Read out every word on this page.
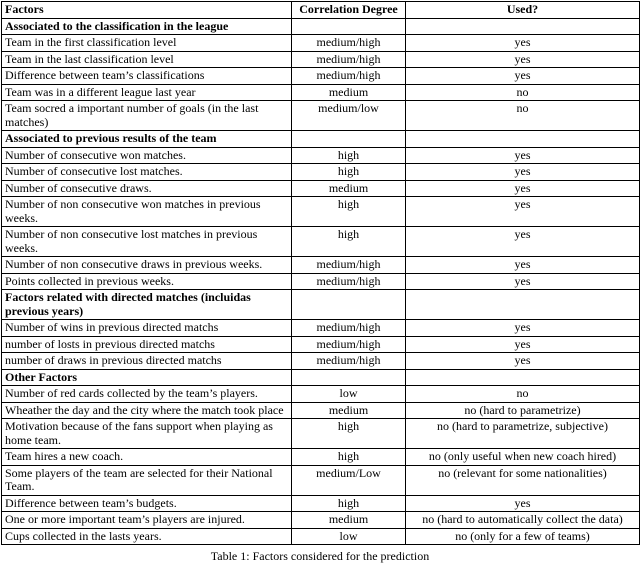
Factors	Correlation Degree	Used?
Associated to the classification in the league		
Team in the first classification level	medium/high	yes
Team in the last classification level	medium/high	yes
Difference between team’s classifications	medium/high	yes
Team was in a different league last year	medium	no
Team socred a important number of goals (in the last matches)	medium/low	no
Associated to previous results of the team		
Number of consecutive won matches.	high	yes
Number of consecutive lost matches.	high	yes
Number of consecutive draws.	medium	yes
Number of non consecutive won matches in previous weeks.	high	yes
Number of non consecutive lost matches in previous weeks.	high	yes
Number of non consecutive draws in previous weeks.	medium/high	yes
Points collected in previous weeks.	medium/high	yes
Factors related with directed matches (incluidas previous years)		
Number of wins in previous directed matchs	medium/high	yes
number of losts in previous directed matchs	medium/high	yes
number of draws in previous directed matchs	medium/high	yes
Other Factors		
Number of red cards collected by the team’s players.	low	no
Wheather the day and the city where the match took place	medium	no (hard to parametrize)
Motivation because of the fans support when playing as home team.	high	no (hard to parametrize, subjective)
Team hires a new coach.	high	no (only useful when new coach hired)
Some players of the team are selected for their National Team.	medium/Low	no (relevant for some nationalities)
Difference between team’s budgets.	high	yes
One or more important team’s players are injured.	medium	no (hard to automatically collect the data)
Cups collected in the lasts years.	low	no (only for a few of teams)
Table 1: Factors considered for the prediction
